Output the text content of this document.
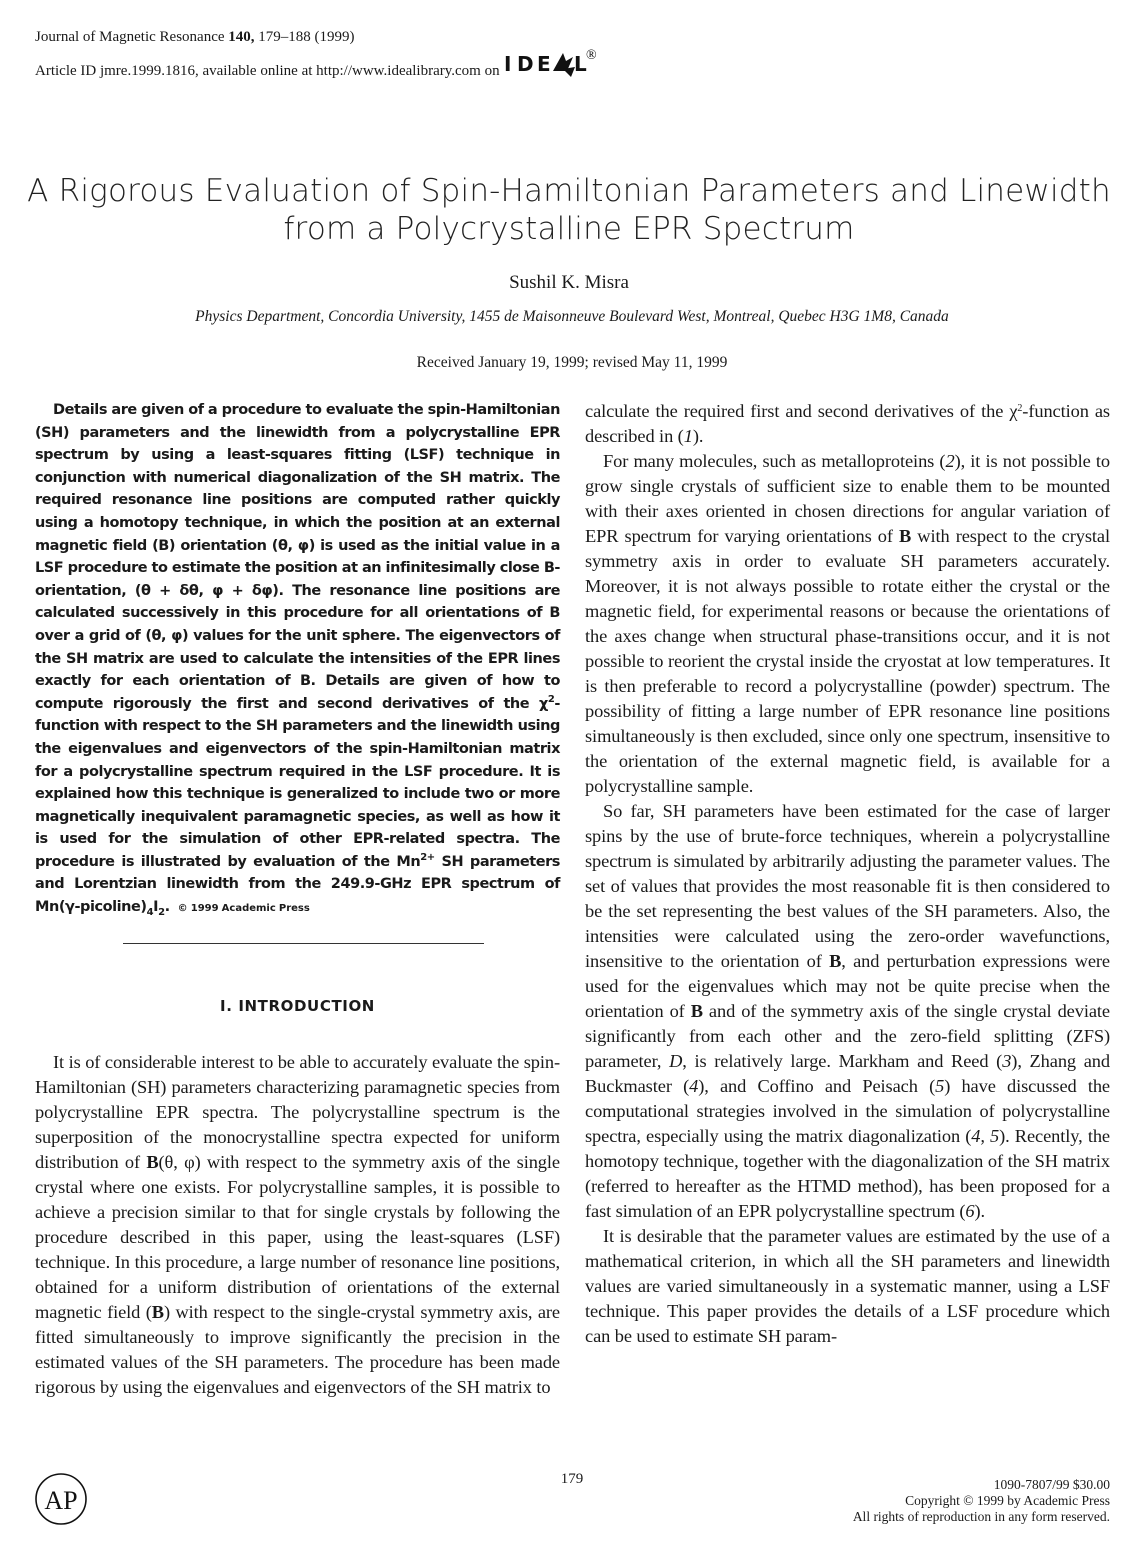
Journal of Magnetic Resonance 140, 179–188 (1999)
Article ID jmre.1999.1816, available online at http://www.idealibrary.com on I D E L ®
A Rigorous Evaluation of Spin-Hamiltonian Parameters and Linewidth
from a Polycrystalline EPR Spectrum
Sushil K. Misra
Physics Department, Concordia University, 1455 de Maisonneuve Boulevard West, Montreal, Quebec H3G 1M8, Canada
Received January 19, 1999; revised May 11, 1999

Details are given of a procedure to evaluate the spin-Hamiltonian (SH) parameters and the linewidth from a polycrystalline EPR spectrum by using a least-squares fitting (LSF) technique in conjunction with numerical diagonalization of the SH matrix. The required resonance line positions are computed rather quickly using a homotopy technique, in which the position at an external magnetic field (B) orientation (θ, φ) is used as the initial value in a LSF procedure to estimate the position at an infinitesimally close B-orientation, (θ + δθ, φ + δφ). The resonance line positions are calculated successively in this procedure for all orientations of B over a grid of (θ, φ) values for the unit sphere. The eigenvectors of the SH matrix are used to calculate the intensities of the EPR lines exactly for each orientation of B. Details are given of how to compute rigorously the first and second derivatives of the $\chi^2$-function with respect to the SH parameters and the linewidth using the eigenvalues and eigenvectors of the spin-Hamiltonian matrix for a polycrystalline spectrum required in the LSF procedure. It is explained how this technique is generalized to include two or more magnetically inequivalent paramagnetic species, as well as how it is used for the simulation of other EPR-related spectra. The procedure is illustrated by evaluation of the $Mn^{2+}$ SH parameters and Lorentzian linewidth from the 249.9-GHz EPR spectrum of $Mn(\gamma-picoline)_4I_2$. © 1999 Academic Press

I. INTRODUCTION

It is of considerable interest to be able to accurately evaluate the spin-Hamiltonian (SH) parameters characterizing paramagnetic species from polycrystalline EPR spectra. The polycrystalline spectrum is the superposition of the monocrystalline spectra expected for uniform distribution of B(θ, φ) with respect to the symmetry axis of the single crystal where one exists. For polycrystalline samples, it is possible to achieve a precision similar to that for single crystals by following the procedure described in this paper, using the least-squares (LSF) technique. In this procedure, a large number of resonance line positions, obtained for a uniform distribution of orientations of the external magnetic field (B) with respect to the single-crystal symmetry axis, are fitted simultaneously to improve significantly the precision in the estimated values of the SH parameters. The procedure has been made rigorous by using the eigenvalues and eigenvectors of the SH matrix to

calculate the required first and second derivatives of the $\chi^2$-function as described in (1).

For many molecules, such as metalloproteins (2), it is not possible to grow single crystals of sufficient size to enable them to be mounted with their axes oriented in chosen directions for angular variation of EPR spectrum for varying orientations of B with respect to the crystal symmetry axis in order to evaluate SH parameters accurately. Moreover, it is not always possible to rotate either the crystal or the magnetic field, for experimental reasons or because the orientations of the axes change when structural phase-transitions occur, and it is not possible to reorient the crystal inside the cryostat at low temperatures. It is then preferable to record a polycrystalline (powder) spectrum. The possibility of fitting a large number of EPR resonance line positions simultaneously is then excluded, since only one spectrum, insensitive to the orientation of the external magnetic field, is available for a polycrystalline sample.

So far, SH parameters have been estimated for the case of larger spins by the use of brute-force techniques, wherein a polycrystalline spectrum is simulated by arbitrarily adjusting the parameter values. The set of values that provides the most reasonable fit is then considered to be the set representing the best values of the SH parameters. Also, the intensities were calculated using the zero-order wavefunctions, insensitive to the orientation of B, and perturbation expressions were used for the eigenvalues which may not be quite precise when the orientation of B and of the symmetry axis of the single crystal deviate significantly from each other and the zero-field splitting (ZFS) parameter, D, is relatively large. Markham and Reed (3), Zhang and Buckmaster (4), and Coffino and Peisach (5) have discussed the computational strategies involved in the simulation of polycrystalline spectra, especially using the matrix diagonalization (4, 5). Recently, the homotopy technique, together with the diagonalization of the SH matrix (referred to hereafter as the HTMD method), has been proposed for a fast simulation of an EPR polycrystalline spectrum (6).

It is desirable that the parameter values are estimated by the use of a mathematical criterion, in which all the SH parameters and linewidth values are varied simultaneously in a systematic manner, using a LSF technique. This paper provides the details of a LSF procedure which can be used to estimate SH param-

AP
179	1090-7807/99 $30.00
Copyright © 1999 by Academic Press
All rights of reproduction in any form reserved.
